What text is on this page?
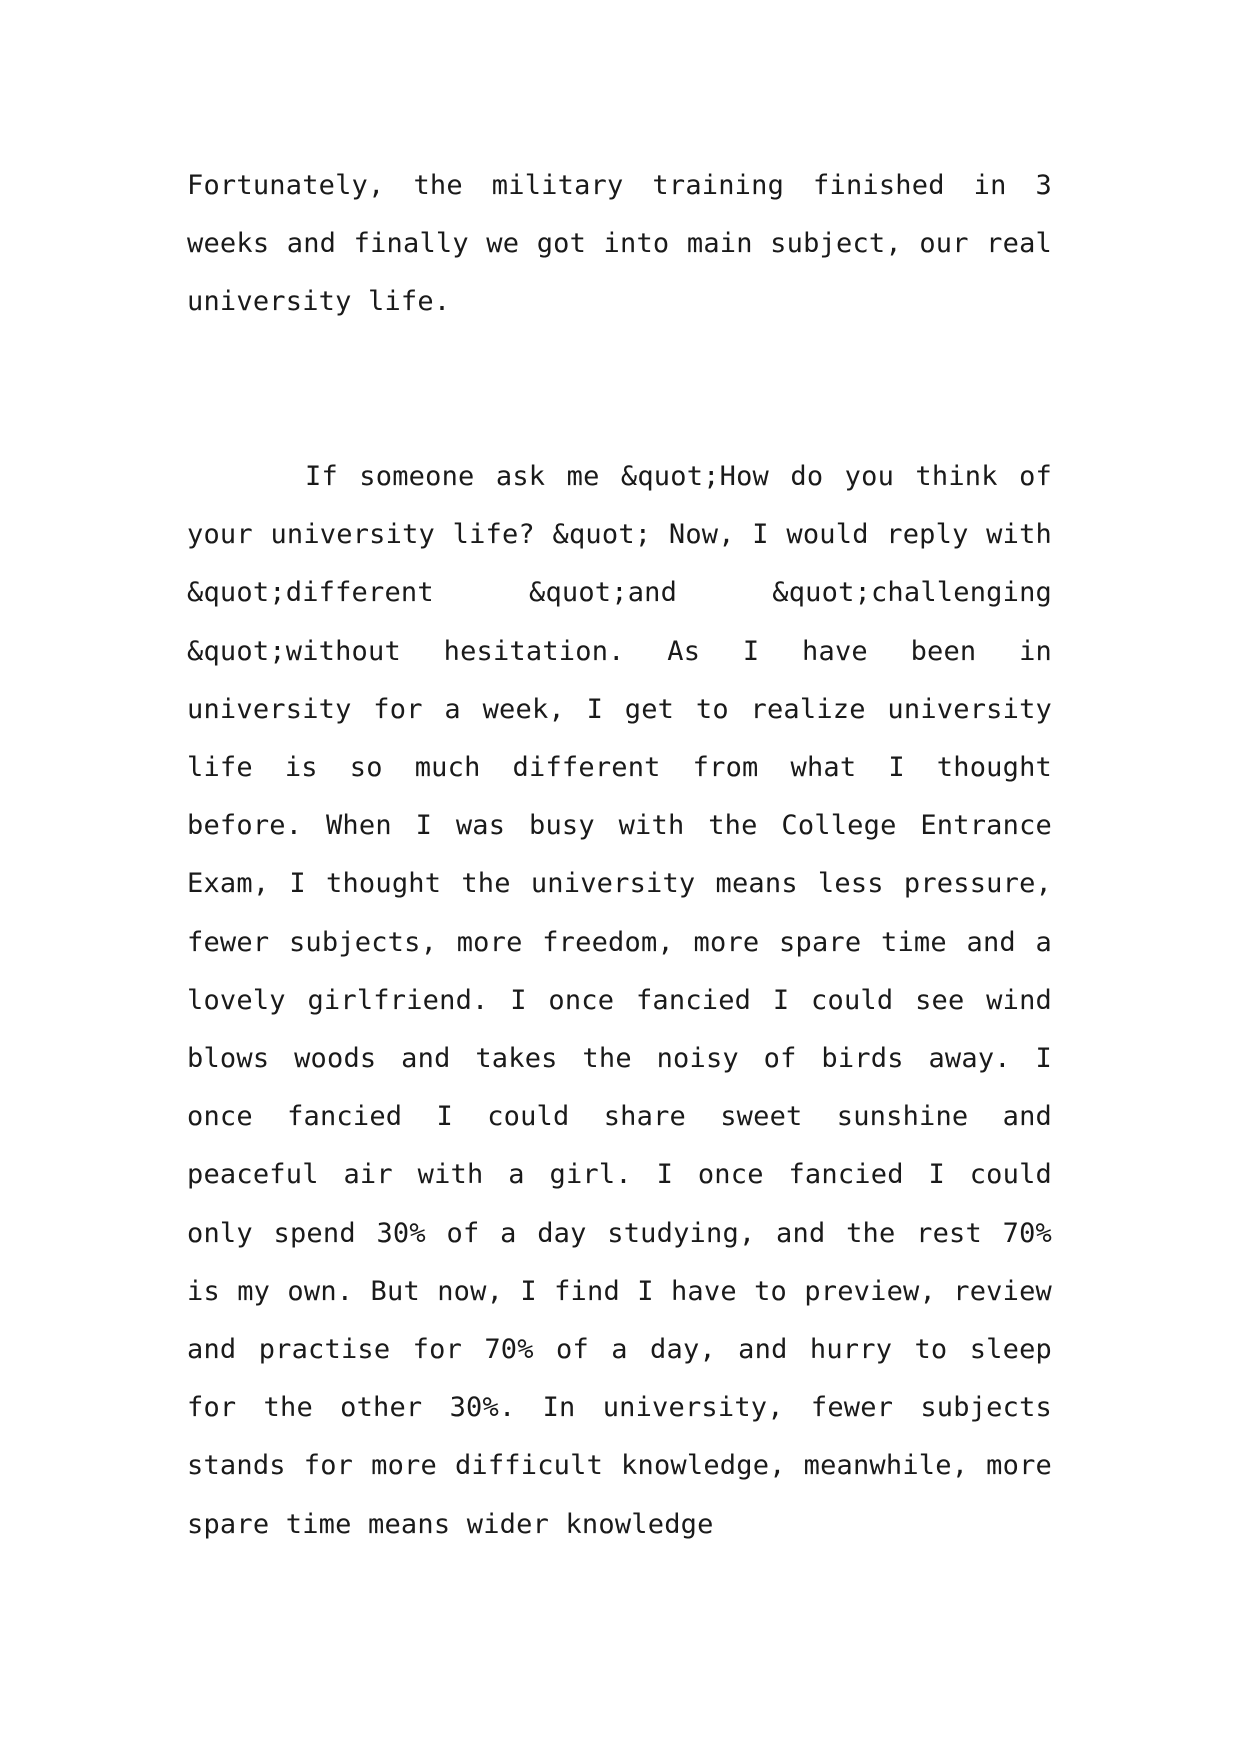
Fortunately, the military training finished in 3 weeks and finally we got into main subject, our real university life.

If someone ask me &quot;How do you think of your university life? &quot; Now, I would reply with &quot;different &quot;and &quot;challenging &quot;without hesitation. As I have been in university for a week, I get to realize university life is so much different from what I thought before. When I was busy with the College Entrance Exam, I thought the university means less pressure, fewer subjects, more freedom, more spare time and a lovely girlfriend. I once fancied I could see wind blows woods and takes the noisy of birds away. I once fancied I could share sweet sunshine and peaceful air with a girl. I once fancied I could only spend 30% of a day studying, and the rest 70% is my own. But now, I find I have to preview, review and practise for 70% of a day, and hurry to sleep for the other 30%. In university, fewer subjects stands for more difficult knowledge, meanwhile, more spare time means wider knowledge
